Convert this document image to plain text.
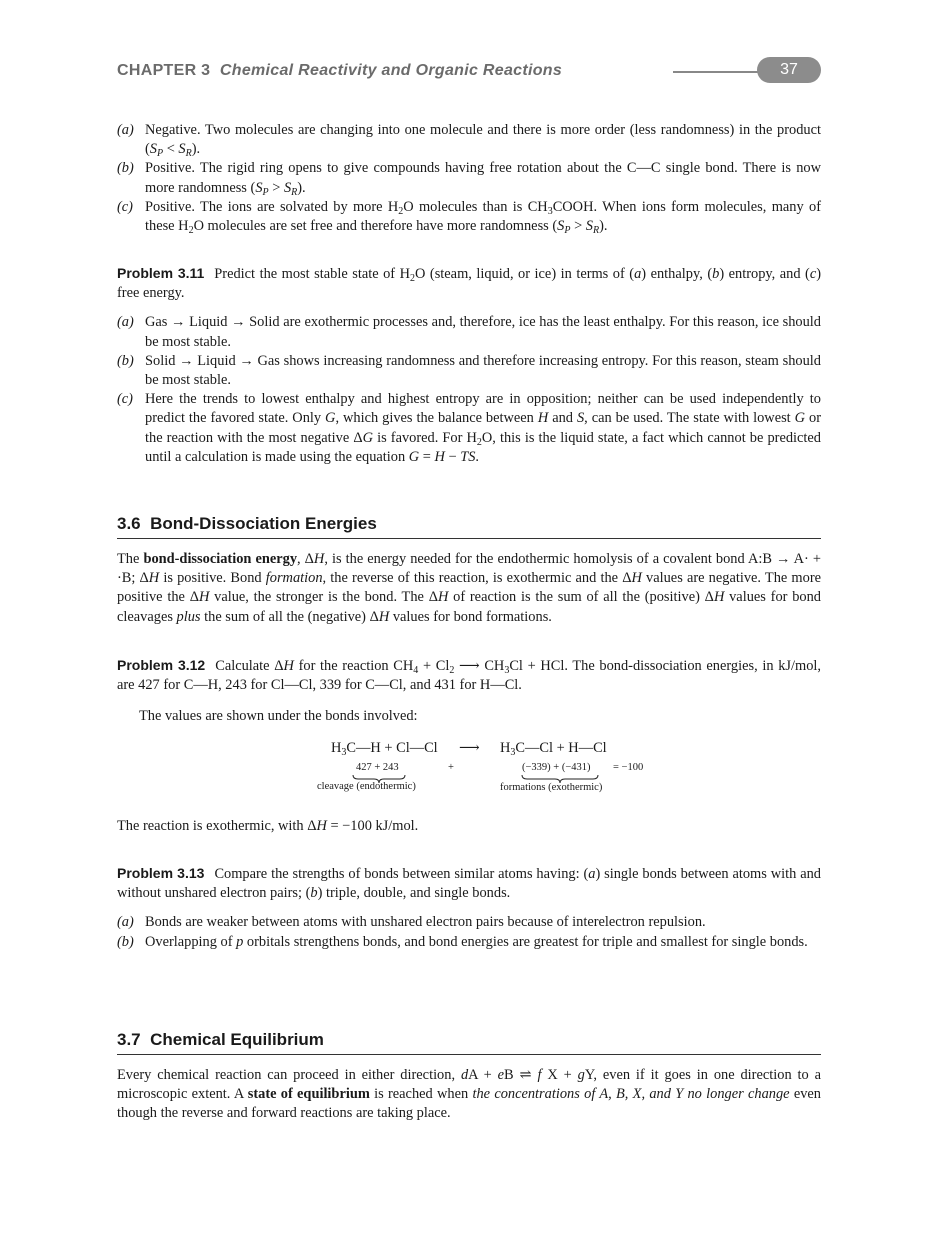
CHAPTER 3 Chemical Reactivity and Organic Reactions	37
(a) Negative. Two molecules are changing into one molecule and there is more order (less randomness) in the product $(S_P < S_R)$.
(b) Positive. The rigid ring opens to give compounds having free rotation about the C—C single bond. There is now more randomness $(S_P > S_R)$.
(c) Positive. The ions are solvated by more $H_2O$ molecules than is $CH_3COOH$. When ions form molecules, many of these $H_2O$ molecules are set free and therefore have more randomness $(S_P > S_R)$.

Problem 3.11 Predict the most stable state of $H_2O$ (steam, liquid, or ice) in terms of (a) enthalpy, (b) entropy, and (c) free energy.

(a) Gas → Liquid → Solid are exothermic processes and, therefore, ice has the least enthalpy. For this reason, ice should be most stable.
(b) Solid → Liquid → Gas shows increasing randomness and therefore increasing entropy. For this reason, steam should be most stable.
(c) Here the trends to lowest enthalpy and highest entropy are in opposition; neither can be used independently to predict the favored state. Only G, which gives the balance between H and S, can be used. The state with lowest G or the reaction with the most negative ΔG is favored. For $H_2O$, this is the liquid state, a fact which cannot be predicted until a calculation is made using the equation G = H − TS.
3.6 Bond-Dissociation Energies

The bond-dissociation energy, ΔH, is the energy needed for the endothermic homolysis of a covalent bond A:B → A· + ·B; ΔH is positive. Bond formation, the reverse of this reaction, is exothermic and the ΔH values are negative. The more positive the ΔH value, the stronger is the bond. The ΔH of reaction is the sum of all the (positive) ΔH values for bond cleavages plus the sum of all the (negative) ΔH values for bond formations.

Problem 3.12 Calculate ΔH for the reaction $CH_4 + Cl_2$ ⟶ $CH_3Cl$ + HCl. The bond-dissociation energies, in kJ/mol, are 427 for C—H, 243 for Cl—Cl, 339 for C—Cl, and 431 for H—Cl.

The values are shown under the bonds involved:

$H_3C—H$ + Cl—Cl ⟶ $H_3C—Cl$ + H—Cl
427 + 243	+	(−339) + (−431) = −100
cleavage (endothermic)	formations (exothermic)

The reaction is exothermic, with ΔH = −100 kJ/mol.

Problem 3.13 Compare the strengths of bonds between similar atoms having: (a) single bonds between atoms with and without unshared electron pairs; (b) triple, double, and single bonds.

(a) Bonds are weaker between atoms with unshared electron pairs because of interelectron repulsion.
(b) Overlapping of p orbitals strengthens bonds, and bond energies are greatest for triple and smallest for single bonds.
3.7 Chemical Equilibrium

Every chemical reaction can proceed in either direction, dA + eB ⇌ f X + gY, even if it goes in one direction to a microscopic extent. A state of equilibrium is reached when the concentrations of A, B, X, and Y no longer change even though the reverse and forward reactions are taking place.
